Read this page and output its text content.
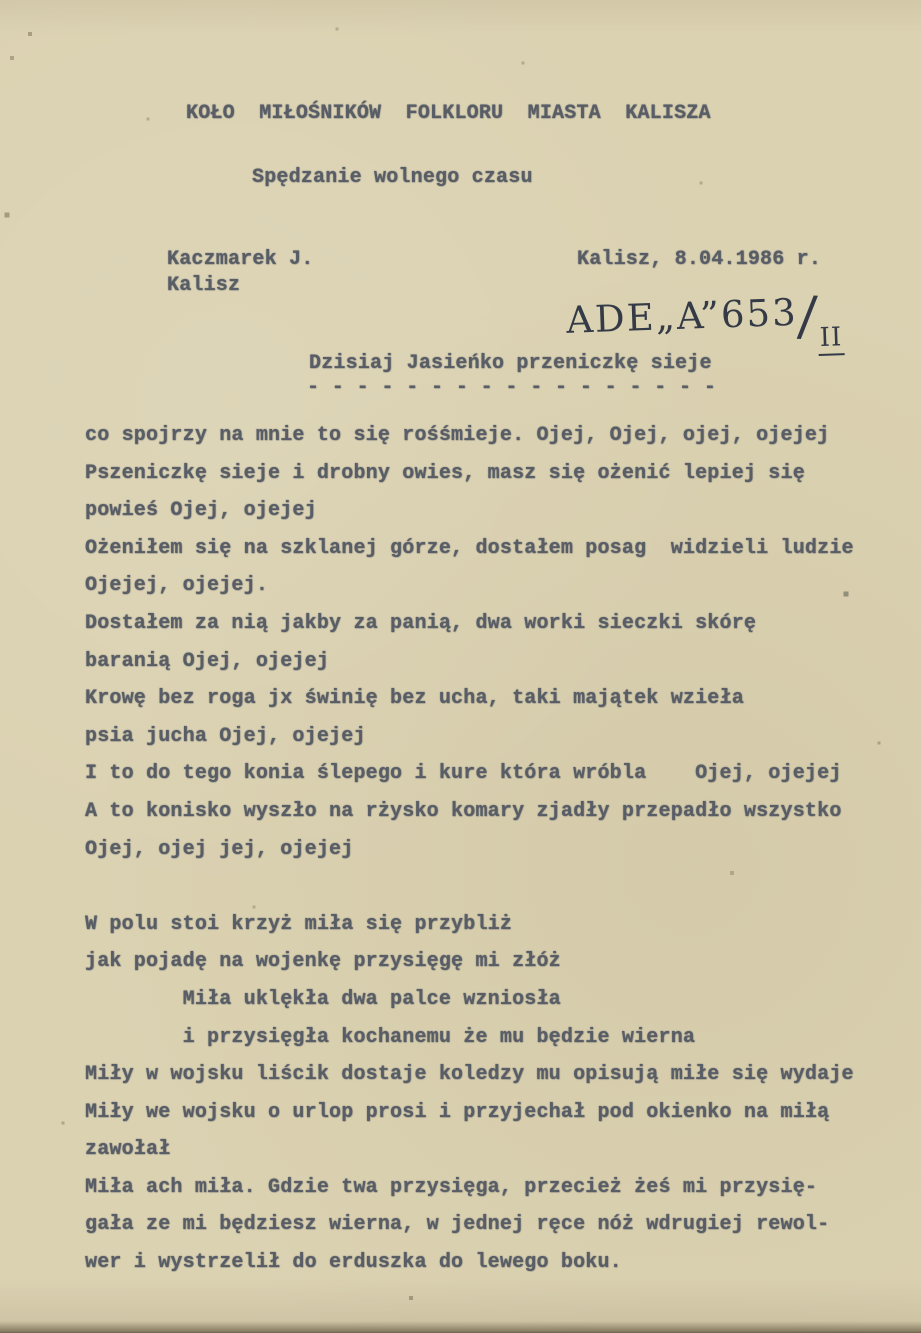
KOŁO  MIŁOŚNIKÓW  FOLKLORU  MIASTA  KALISZA
Spędzanie wolnego czasu
Kaczmarek J.
Kalisz
Kalisz, 8.04.1986 r.
ADE„A”653/II
Dzisiaj Jasieńko przeniczkę sieje
- - - - - - - - - - - - - - - - -
co spojrzy na mnie to się rośśmieje. Ojej, Ojej, ojej, ojejej
Pszeniczkę sieje i drobny owies, masz się ożenić lepiej się
powieś Ojej, ojejej
Ożeniłem się na szklanej górze, dostałem posag  widzieli ludzie
Ojejej, ojejej.
Dostałem za nią jakby za panią, dwa worki sieczki skórę
baranią Ojej, ojejej
Krowę bez roga jx świnię bez ucha, taki majątek wzieła
psia jucha Ojej, ojejej
I to do tego konia ślepego i kure która wróbla    Ojej, ojejej
A to konisko wyszło na rżysko komary zjadły przepadło wszystko
Ojej, ojej jej, ojejej
W polu stoi krzyż miła się przybliż
jak pojadę na wojenkę przysięgę mi złóż
Miła uklękła dwa palce wzniosła
i przysięgła kochanemu że mu będzie wierna
Miły w wojsku liścik dostaje koledzy mu opisują miłe się wydaje
Miły we wojsku o urlop prosi i przyjechał pod okienko na miłą
zawołał
Miła ach miła. Gdzie twa przysięga, przecież żeś mi przysię-
gała ze mi będziesz wierna, w jednej ręce nóż wdrugiej rewol-
wer i wystrzelił do erduszka do lewego boku.
